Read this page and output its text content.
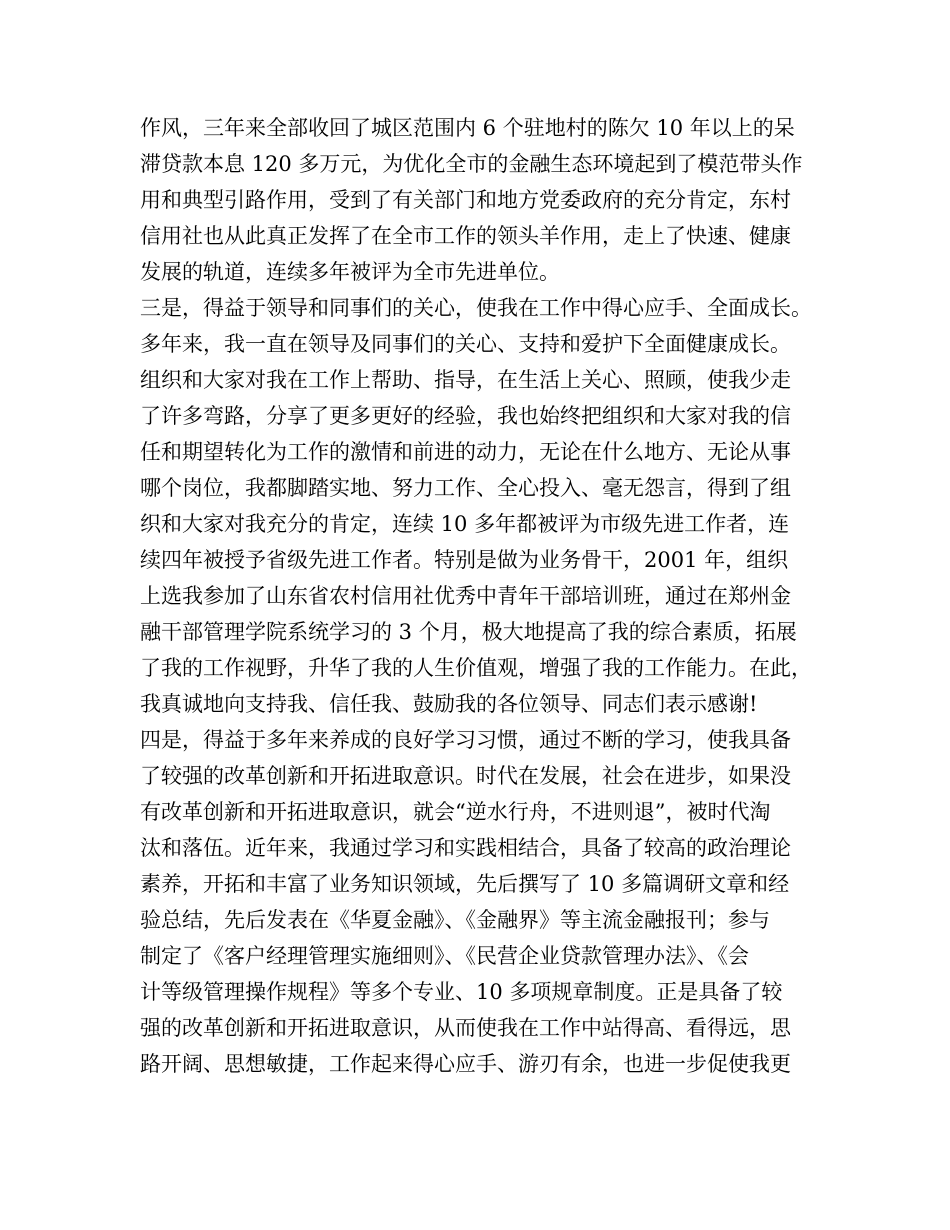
作风，三年来全部收回了城区范围内 6 个驻地村的陈欠 10 年以上的呆
滞贷款本息 120 多万元，为优化全市的金融生态环境起到了模范带头作
用和典型引路作用，受到了有关部门和地方党委政府的充分肯定，东村
信用社也从此真正发挥了在全市工作的领头羊作用，走上了快速、健康
发展的轨道，连续多年被评为全市先进单位。
三是，得益于领导和同事们的关心，使我在工作中得心应手、全面成长。
多年来，我一直在领导及同事们的关心、支持和爱护下全面健康成长。
组织和大家对我在工作上帮助、指导，在生活上关心、照顾，使我少走
了许多弯路，分享了更多更好的经验，我也始终把组织和大家对我的信
任和期望转化为工作的激情和前进的动力，无论在什么地方、无论从事
哪个岗位，我都脚踏实地、努力工作、全心投入、毫无怨言，得到了组
织和大家对我充分的肯定，连续 10 多年都被评为市级先进工作者，连
续四年被授予省级先进工作者。特别是做为业务骨干，2001 年，组织
上选我参加了山东省农村信用社优秀中青年干部培训班，通过在郑州金
融干部管理学院系统学习的 3 个月，极大地提高了我的综合素质，拓展
了我的工作视野，升华了我的人生价值观，增强了我的工作能力。在此，
我真诚地向支持我、信任我、鼓励我的各位领导、同志们表示感谢!
四是，得益于多年来养成的良好学习习惯，通过不断的学习，使我具备
了较强的改革创新和开拓进取意识。时代在发展，社会在进步，如果没
有改革创新和开拓进取意识，就会“逆水行舟，不进则退”，被时代淘
汰和落伍。近年来，我通过学习和实践相结合，具备了较高的政治理论
素养，开拓和丰富了业务知识领域，先后撰写了 10 多篇调研文章和经
验总结，先后发表在《华夏金融》、《金融界》等主流金融报刊；参与
制定了《客户经理管理实施细则》、《民营企业贷款管理办法》、《会
计等级管理操作规程》等多个专业、10 多项规章制度。正是具备了较
强的改革创新和开拓进取意识，从而使我在工作中站得高、看得远，思
路开阔、思想敏捷，工作起来得心应手、游刃有余，也进一步促使我更
